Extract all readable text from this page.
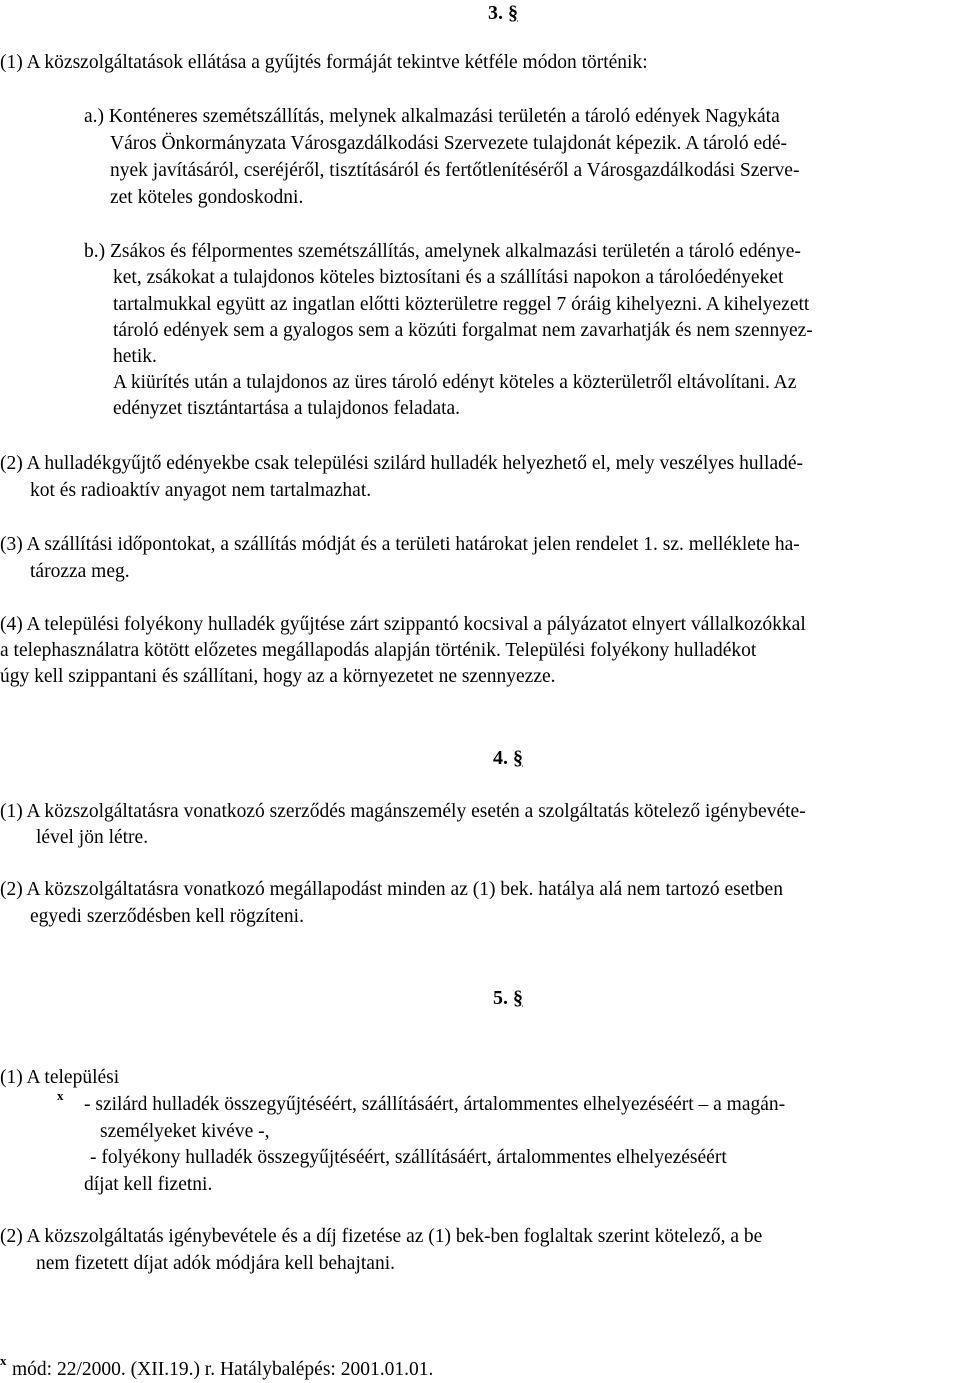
3. §
(1) A közszolgáltatások ellátása a gyűjtés formáját tekintve kétféle módon történik:
a.) Konténeres szemétszállítás, melynek alkalmazási területén a tároló edények Nagykáta
Város Önkormányzata Városgazdálkodási Szervezete tulajdonát képezik. A tároló edé-
nyek javításáról, cseréjéről, tisztításáról és fertőtlenítéséről a Városgazdálkodási Szerve-
zet köteles gondoskodni.
b.) Zsákos és félpormentes szemétszállítás, amelynek alkalmazási területén a tároló edénye-
ket, zsákokat a tulajdonos köteles biztosítani és a szállítási napokon a tárolóedényeket
tartalmukkal együtt az ingatlan előtti közterületre reggel 7 óráig kihelyezni. A kihelyezett
tároló edények sem a gyalogos sem a közúti forgalmat nem zavarhatják és nem szennyez-
hetik.
A kiürítés után a tulajdonos az üres tároló edényt köteles a közterületről eltávolítani. Az
edényzet tisztántartása a tulajdonos feladata.
(2) A hulladékgyűjtő edényekbe csak települési szilárd hulladék helyezhető el, mely veszélyes hulladé-
kot és radioaktív anyagot nem tartalmazhat.
(3) A szállítási időpontokat, a szállítás módját és a területi határokat jelen rendelet 1. sz. melléklete ha-
tározza meg.
(4) A települési folyékony hulladék gyűjtése zárt szippantó kocsival a pályázatot elnyert vállalkozókkal
a telephasználatra kötött előzetes megállapodás alapján történik. Települési folyékony hulladékot
úgy kell szippantani és szállítani, hogy az a környezetet ne szennyezze.
4. §
(1) A közszolgáltatásra vonatkozó szerződés magánszemély esetén a szolgáltatás kötelező igénybevéte-
lével jön létre.
(2) A közszolgáltatásra vonatkozó megállapodást minden az (1) bek. hatálya alá nem tartozó esetben
egyedi szerződésben kell rögzíteni.
5. §
(1) A települési
x - szilárd hulladék összegyűjtéséért, szállításáért, ártalommentes elhelyezéséért – a magán-
személyeket kivéve -,
- folyékony hulladék összegyűjtéséért, szállításáért, ártalommentes elhelyezéséért
díjat kell fizetni.
(2) A közszolgáltatás igénybevétele és a díj fizetése az (1) bek-ben foglaltak szerint kötelező, a be
nem fizetett díjat adók módjára kell behajtani.
x mód: 22/2000. (XII.19.) r. Hatálybalépés: 2001.01.01.
